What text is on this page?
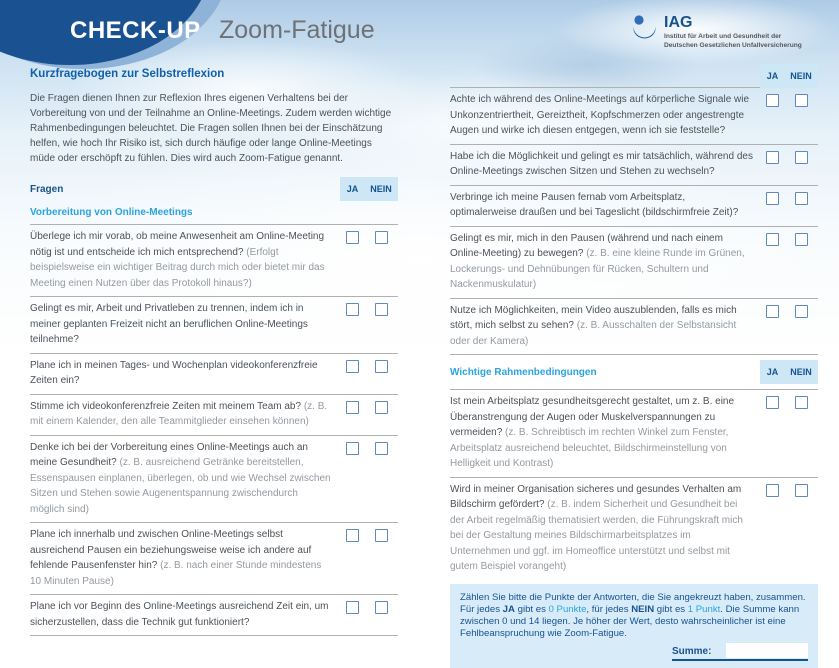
CHECK-UP Zoom-Fatigue	IAG
Institut für Arbeit und Gesundheit der
Deutschen Gesetzlichen Unfallversicherung
Kurzfragebogen zur Selbstreflexion
Die Fragen dienen Ihnen zur Reflexion Ihres eigenen Verhaltens bei der Vorbereitung von und der Teilnahme an Online-Meetings. Zudem werden wichtige Rahmenbedingungen beleuchtet. Die Fragen sollen Ihnen bei der Einschätzung helfen, wie hoch Ihr Risiko ist, sich durch häufige oder lange Online-Meetings müde oder erschöpft zu fühlen. Dies wird auch Zoom-Fatigue genannt.
Fragen	JA	NEIN
Vorbereitung von Online-Meetings
Überlege ich mir vorab, ob meine Anwesenheit am Online-Meeting nötig ist und entscheide ich mich entsprechend? (Erfolgt beispielsweise ein wichtiger Beitrag durch mich oder bietet mir das Meeting einen Nutzen über das Protokoll hinaus?)
Gelingt es mir, Arbeit und Privatleben zu trennen, indem ich in meiner geplanten Freizeit nicht an beruflichen Online-Meetings teilnehme?
Plane ich in meinen Tages- und Wochenplan videokonferenzfreie Zeiten ein?
Stimme ich videokonferenzfreie Zeiten mit meinem Team ab? (z. B. mit einem Kalender, den alle Teammitglieder einsehen können)
Denke ich bei der Vorbereitung eines Online-Meetings auch an meine Gesundheit? (z. B. ausreichend Getränke bereitstellen, Essenspausen einplanen, überlegen, ob und wie Wechsel zwischen Sitzen und Stehen sowie Augenentspannung zwischendurch möglich sind)
Plane ich innerhalb und zwischen Online-Meetings selbst ausreichend Pausen ein beziehungsweise weise ich andere auf fehlende Pausenfenster hin? (z. B. nach einer Stunde mindestens 10 Minuten Pause)
Plane ich vor Beginn des Online-Meetings ausreichend Zeit ein, um sicherzustellen, dass die Technik gut funktioniert?
JA	NEIN
Achte ich während des Online-Meetings auf körperliche Signale wie Unkonzentriertheit, Gereiztheit, Kopfschmerzen oder angestrengte Augen und wirke ich diesen entgegen, wenn ich sie feststelle?
Habe ich die Möglichkeit und gelingt es mir tatsächlich, während des Online-Meetings zwischen Sitzen und Stehen zu wechseln?
Verbringe ich meine Pausen fernab vom Arbeitsplatz, optimalerweise draußen und bei Tageslicht (bildschirmfreie Zeit)?
Gelingt es mir, mich in den Pausen (während und nach einem Online-Meeting) zu bewegen? (z. B. eine kleine Runde im Grünen, Lockerungs- und Dehnübungen für Rücken, Schultern und Nackenmuskulatur)
Nutze ich Möglichkeiten, mein Video auszublenden, falls es mich stört, mich selbst zu sehen? (z. B. Ausschalten der Selbstansicht oder der Kamera)
Wichtige Rahmenbedingungen	JA	NEIN
Ist mein Arbeitsplatz gesundheitsgerecht gestaltet, um z. B. eine Überanstrengung der Augen oder Muskelverspannungen zu vermeiden? (z. B. Schreibtisch im rechten Winkel zum Fenster, Arbeitsplatz ausreichend beleuchtet, Bildschirmeinstellung von Helligkeit und Kontrast)
Wird in meiner Organisation sicheres und gesundes Verhalten am Bildschirm gefördert? (z. B. indem Sicherheit und Gesundheit bei der Arbeit regelmäßig thematisiert werden, die Führungskraft mich bei der Gestaltung meines Bildschirmarbeitsplatzes im Unternehmen und ggf. im Homeoffice unterstützt und selbst mit gutem Beispiel vorangeht)
Zählen Sie bitte die Punkte der Antworten, die Sie angekreuzt haben, zusammen. Für jedes JA gibt es 0 Punkte, für jedes NEIN gibt es 1 Punkt. Die Summe kann zwischen 0 und 14 liegen. Je höher der Wert, desto wahrscheinlicher ist eine Fehlbeanspruchung wie Zoom-Fatigue.
Summe:
